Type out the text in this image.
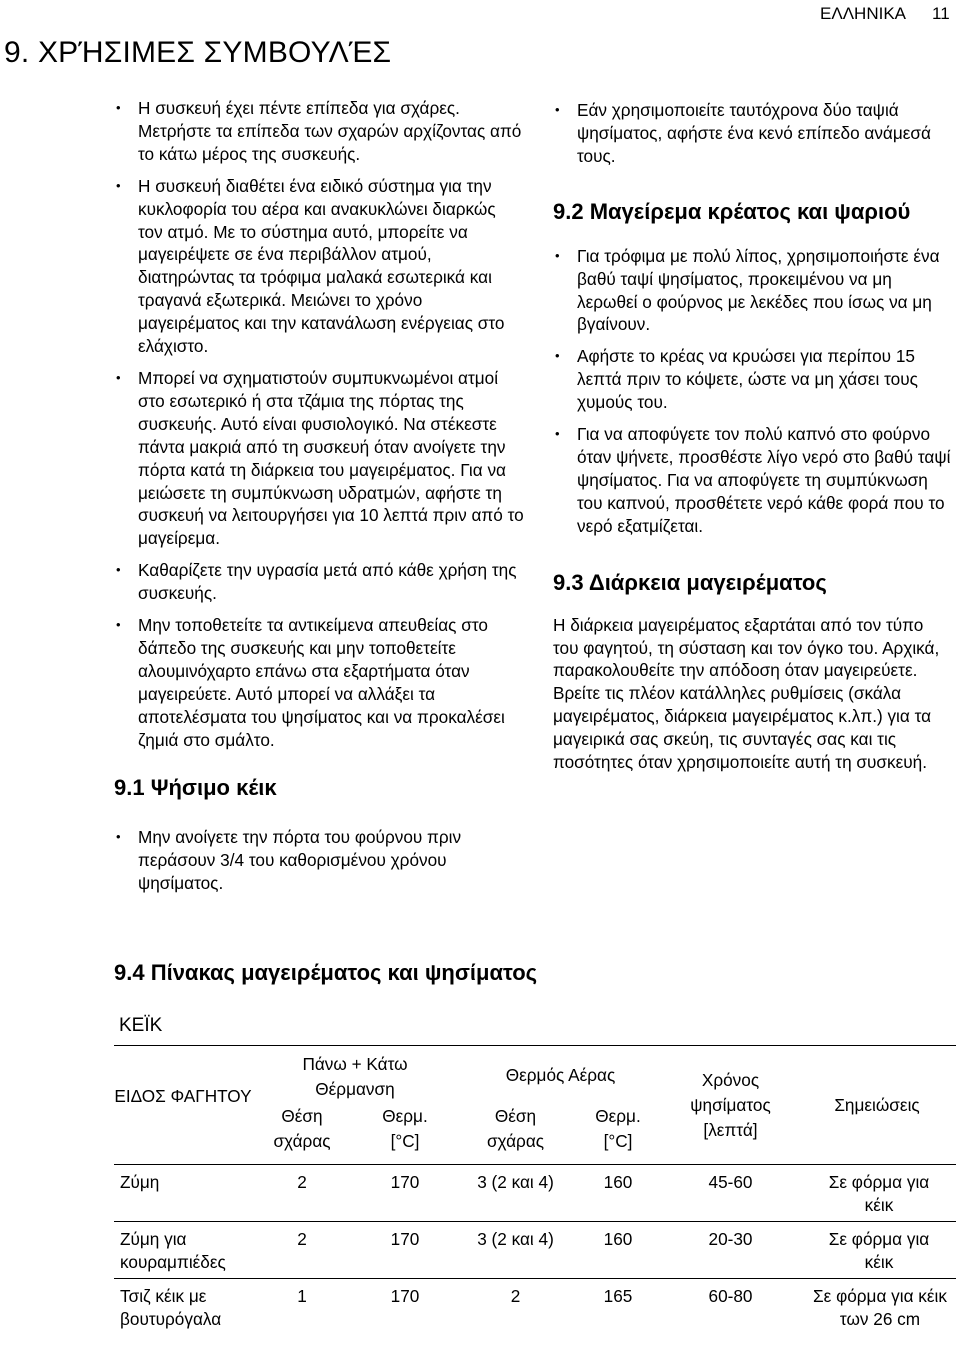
ΕΛΛΗΝΙΚΑ 11
9. ΧΡΉΣΙΜΕΣ ΣΥΜΒΟΥΛΈΣ
• Η συσκευή έχει πέντε επίπεδα για σχάρες. Μετρήστε τα επίπεδα των σχαρών αρχίζοντας από το κάτω μέρος της συσκευής.
• Η συσκευή διαθέτει ένα ειδικό σύστημα για την κυκλοφορία του αέρα και ανακυκλώνει διαρκώς τον ατμό. Με το σύστημα αυτό, μπορείτε να μαγειρέψετε σε ένα περιβάλλον ατμού, διατηρώντας τα τρόφιμα μαλακά εσωτερικά και τραγανά εξωτερικά. Μειώνει το χρόνο μαγειρέματος και την κατανάλωση ενέργειας στο ελάχιστο.
• Μπορεί να σχηματιστούν συμπυκνωμένοι ατμοί στο εσωτερικό ή στα τζάμια της πόρτας της συσκευής. Αυτό είναι φυσιολογικό. Να στέκεστε πάντα μακριά από τη συσκευή όταν ανοίγετε την πόρτα κατά τη διάρκεια του μαγειρέματος. Για να μειώσετε τη συμπύκνωση υδρατμών, αφήστε τη συσκευή να λειτουργήσει για 10 λεπτά πριν από το μαγείρεμα.
• Καθαρίζετε την υγρασία μετά από κάθε χρήση της συσκευής.
• Μην τοποθετείτε τα αντικείμενα απευθείας στο δάπεδο της συσκευής και μην τοποθετείτε αλουμινόχαρτο επάνω στα εξαρτήματα όταν μαγειρεύετε. Αυτό μπορεί να αλλάξει τα αποτελέσματα του ψησίματος και να προκαλέσει ζημιά στο σμάλτο.
9.1 Ψήσιμο κέικ
• Μην ανοίγετε την πόρτα του φούρνου πριν περάσουν 3/4 του καθορισμένου χρόνου ψησίματος.
• Εάν χρησιμοποιείτε ταυτόχρονα δύο ταψιά ψησίματος, αφήστε ένα κενό επίπεδο ανάμεσά τους.
9.2 Μαγείρεμα κρέατος και ψαριού
• Για τρόφιμα με πολύ λίπος, χρησιμοποιήστε ένα βαθύ ταψί ψησίματος, προκειμένου να μη λερωθεί ο φούρνος με λεκέδες που ίσως να μη βγαίνουν.
• Αφήστε το κρέας να κρυώσει για περίπου 15 λεπτά πριν το κόψετε, ώστε να μη χάσει τους χυμούς του.
• Για να αποφύγετε τον πολύ καπνό στο φούρνο όταν ψήνετε, προσθέστε λίγο νερό στο βαθύ ταψί ψησίματος. Για να αποφύγετε τη συμπύκνωση του καπνού, προσθέτετε νερό κάθε φορά που το νερό εξατμίζεται.
9.3 Διάρκεια μαγειρέματος

Η διάρκεια μαγειρέματος εξαρτάται από τον τύπο του φαγητού, τη σύσταση και τον όγκο του. Αρχικά, παρακολουθείτε την απόδοση όταν μαγειρεύετε. Βρείτε τις πλέον κατάλληλες ρυθμίσεις (σκάλα μαγειρέματος, διάρκεια μαγειρέματος κ.λπ.) για τα μαγειρικά σας σκεύη, τις συνταγές σας και τις ποσότητες όταν χρησιμοποιείτε αυτή τη συσκευή.

9.4 Πίνακας μαγειρέματος και ψησίματος
ΚΕΪΚ
ΕΙΔΟΣ ΦΑΓΗΤΟΥ	Πάνω + Κάτω Θέρμανση		Θερμός Αέρας		Χρόνος ψησίματος [λεπτά]	Σημειώσεις
	Θέση σχάρας	Θερμ. [°C]	Θέση σχάρας	Θερμ. [°C]		
Ζύμη	2	170	3 (2 και 4)	160	45-60	Σε φόρμα για κέικ
Ζύμη για κουραμπιέδες	2	170	3 (2 και 4)	160	20-30	Σε φόρμα για κέικ
Τσιζ κέικ με βουτυρόγαλα	1	170	2	165	60-80	Σε φόρμα για κέικ των 26 cm
